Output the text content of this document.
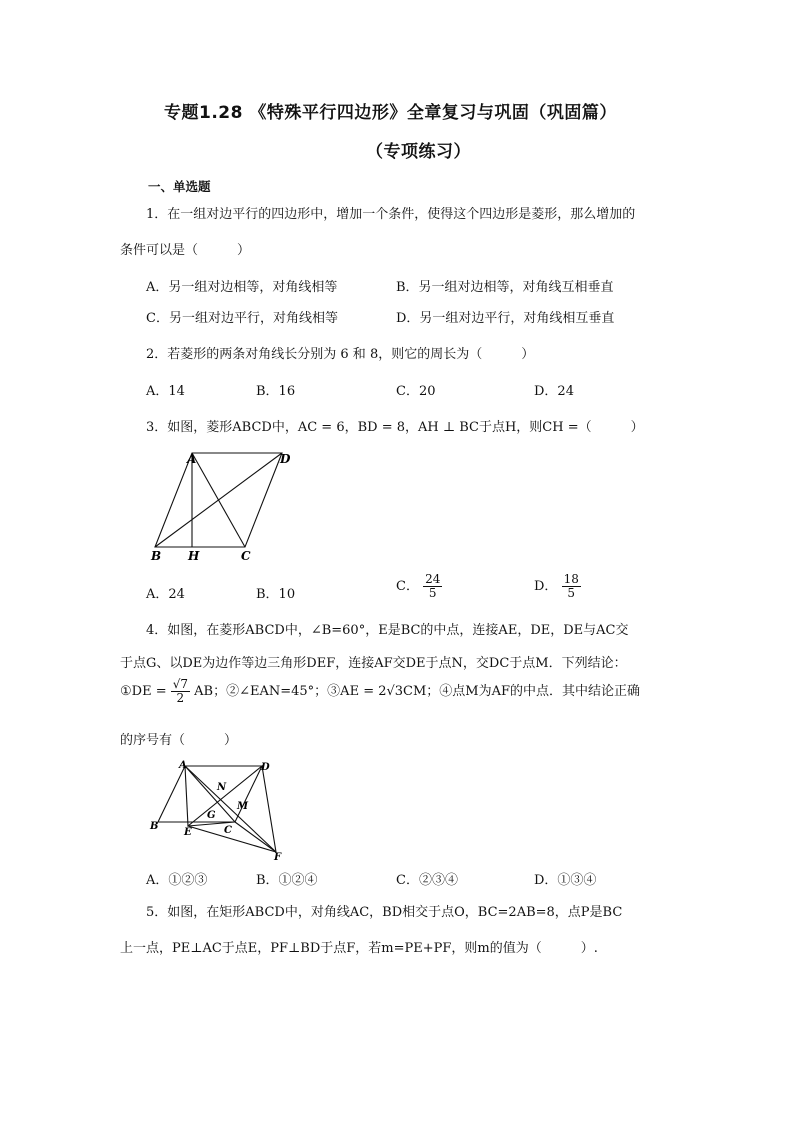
专题1.28 《特殊平行四边形》全章复习与巩固（巩固篇）
（专项练习）
一、单选题
1．在一组对边平行的四边形中，增加一个条件，使得这个四边形是菱形，那么增加的
条件可以是（　　　）
A．另一组对边相等，对角线相等	B．另一组对边相等，对角线互相垂直
C．另一组对边平行，对角线相等	D．另一组对边平行，对角线相互垂直
2．若菱形的两条对角线长分别为 6 和 8，则它的周长为（　　　）
A．14	B．16	C．20	D．24
3．如图，菱形ABCD中，AC = 6，BD = 8，AH ⊥ BC于点H，则CH =（　　　）
A	D
B H	C
A．24	B．10
C． $\frac{24}{5}$	D． $\frac{18}{5}$
4．如图，在菱形ABCD中，∠B=60°，E是BC的中点，连接AE，DE，DE与AC交
于点G、以DE为边作等边三角形DEF，连接AF交DE于点N，交DC于点M．下列结论：
①DE = $\frac{√7}{2}$ AB；②∠EAN=45°；③AE = 2√3CM；④点M为AF的中点．其中结论正确
的序号有（　　　）
A	D
N
M
G
B
E	C
F
A．①②③	B．①②④	C．②③④	D．①③④
5．如图，在矩形ABCD中，对角线AC，BD相交于点O，BC=2AB=8，点P是BC
上一点，PE⊥AC于点E，PF⊥BD于点F，若m=PE+PF，则m的值为（　　　）.
